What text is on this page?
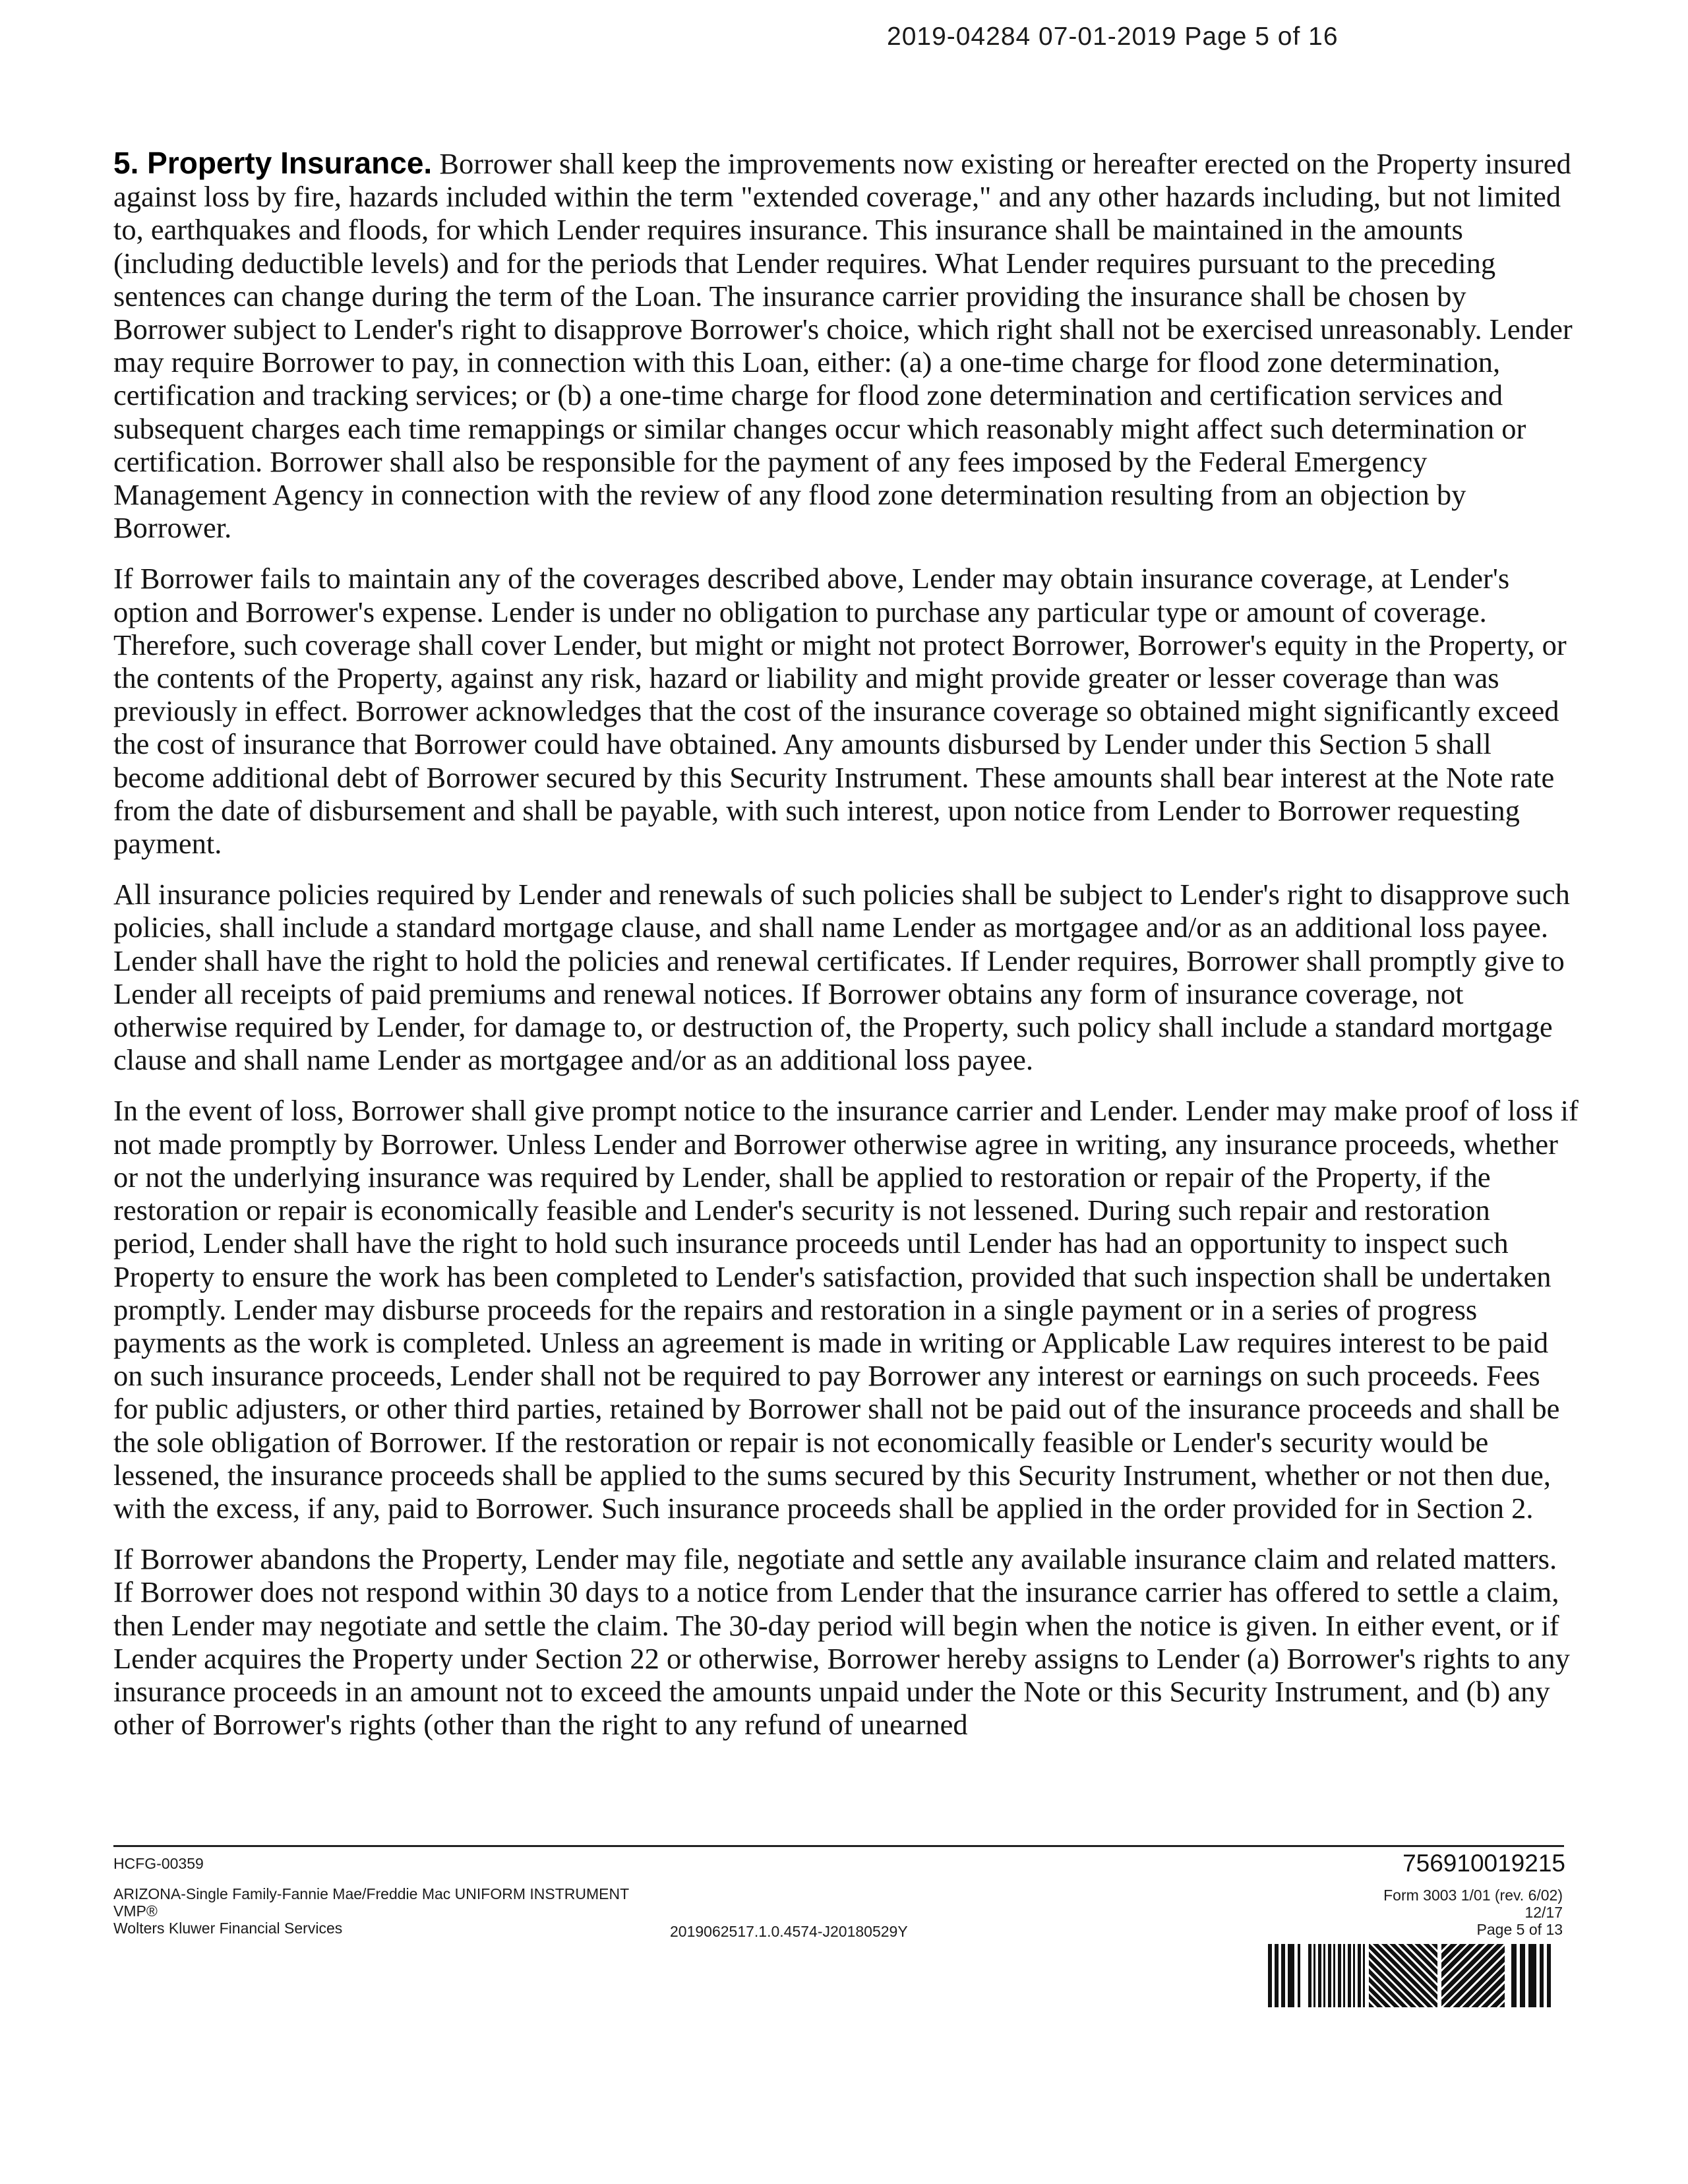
2019-04284 07-01-2019 Page 5 of 16

5. Property Insurance. Borrower shall keep the improvements now existing or hereafter erected on the Property insured against loss by fire, hazards included within the term "extended coverage," and any other hazards including, but not limited to, earthquakes and floods, for which Lender requires insurance. This insurance shall be maintained in the amounts (including deductible levels) and for the periods that Lender requires. What Lender requires pursuant to the preceding sentences can change during the term of the Loan. The insurance carrier providing the insurance shall be chosen by Borrower subject to Lender's right to disapprove Borrower's choice, which right shall not be exercised unreasonably. Lender may require Borrower to pay, in connection with this Loan, either: (a) a one-time charge for flood zone determination, certification and tracking services; or (b) a one-time charge for flood zone determination and certification services and subsequent charges each time remappings or similar changes occur which reasonably might affect such determination or certification. Borrower shall also be responsible for the payment of any fees imposed by the Federal Emergency Management Agency in connection with the review of any flood zone determination resulting from an objection by Borrower.

If Borrower fails to maintain any of the coverages described above, Lender may obtain insurance coverage, at Lender's option and Borrower's expense. Lender is under no obligation to purchase any particular type or amount of coverage. Therefore, such coverage shall cover Lender, but might or might not protect Borrower, Borrower's equity in the Property, or the contents of the Property, against any risk, hazard or liability and might provide greater or lesser coverage than was previously in effect. Borrower acknowledges that the cost of the insurance coverage so obtained might significantly exceed the cost of insurance that Borrower could have obtained. Any amounts disbursed by Lender under this Section 5 shall become additional debt of Borrower secured by this Security Instrument. These amounts shall bear interest at the Note rate from the date of disbursement and shall be payable, with such interest, upon notice from Lender to Borrower requesting payment.

All insurance policies required by Lender and renewals of such policies shall be subject to Lender's right to disapprove such policies, shall include a standard mortgage clause, and shall name Lender as mortgagee and/or as an additional loss payee. Lender shall have the right to hold the policies and renewal certificates. If Lender requires, Borrower shall promptly give to Lender all receipts of paid premiums and renewal notices. If Borrower obtains any form of insurance coverage, not otherwise required by Lender, for damage to, or destruction of, the Property, such policy shall include a standard mortgage clause and shall name Lender as mortgagee and/or as an additional loss payee.

In the event of loss, Borrower shall give prompt notice to the insurance carrier and Lender. Lender may make proof of loss if not made promptly by Borrower. Unless Lender and Borrower otherwise agree in writing, any insurance proceeds, whether or not the underlying insurance was required by Lender, shall be applied to restoration or repair of the Property, if the restoration or repair is economically feasible and Lender's security is not lessened. During such repair and restoration period, Lender shall have the right to hold such insurance proceeds until Lender has had an opportunity to inspect such Property to ensure the work has been completed to Lender's satisfaction, provided that such inspection shall be undertaken promptly. Lender may disburse proceeds for the repairs and restoration in a single payment or in a series of progress payments as the work is completed. Unless an agreement is made in writing or Applicable Law requires interest to be paid on such insurance proceeds, Lender shall not be required to pay Borrower any interest or earnings on such proceeds. Fees for public adjusters, or other third parties, retained by Borrower shall not be paid out of the insurance proceeds and shall be the sole obligation of Borrower. If the restoration or repair is not economically feasible or Lender's security would be lessened, the insurance proceeds shall be applied to the sums secured by this Security Instrument, whether or not then due, with the excess, if any, paid to Borrower. Such insurance proceeds shall be applied in the order provided for in Section 2.

If Borrower abandons the Property, Lender may file, negotiate and settle any available insurance claim and related matters. If Borrower does not respond within 30 days to a notice from Lender that the insurance carrier has offered to settle a claim, then Lender may negotiate and settle the claim. The 30-day period will begin when the notice is given. In either event, or if Lender acquires the Property under Section 22 or otherwise, Borrower hereby assigns to Lender (a) Borrower's rights to any insurance proceeds in an amount not to exceed the amounts unpaid under the Note or this Security Instrument, and (b) any other of Borrower's rights (other than the right to any refund of unearned

HCFG-00359
ARIZONA-Single Family-Fannie Mae/Freddie Mac UNIFORM INSTRUMENT
VMP®
Wolters Kluwer Financial Services	2019062517.1.0.4574-J20180529Y
756910019215
Form 3003 1/01 (rev. 6/02)
12/17
Page 5 of 13
